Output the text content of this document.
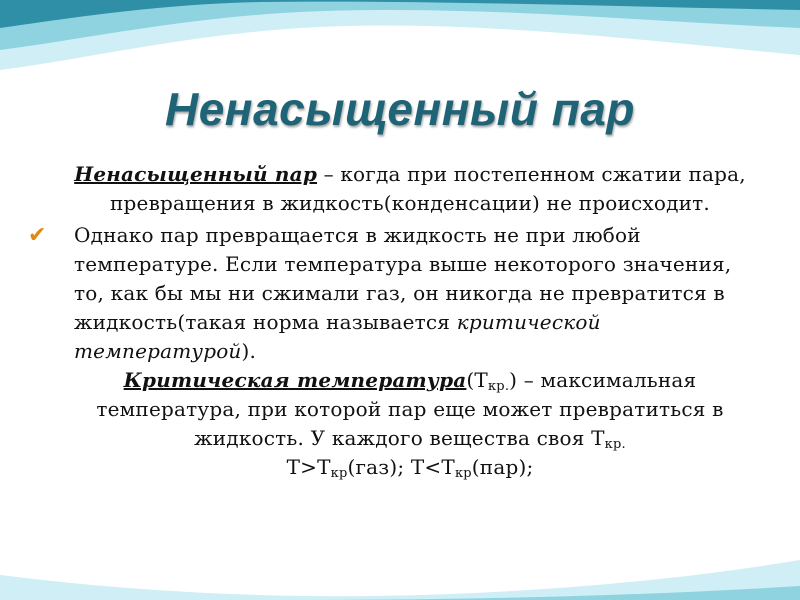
Ненасыщенный пар
Ненасыщенный пар – когда при постепенном сжатии пара, превращения в жидкость(конденсации) не происходит.
✔ Однако пар превращается в жидкость не при любой температуре. Если температура выше некоторого значения, то, как бы мы ни сжимали газ, он никогда не превратится в жидкость(такая норма называется критической температурой).
Критическая $температура(Т_{кр.})$ – максимальная температура, при которой пар еще может превратиться в жидкость. У каждого вещества своя $Т_{кр.}$
$Т>Т_{кр}(газ)$; $Т<Т_{кр}(пар)$;
